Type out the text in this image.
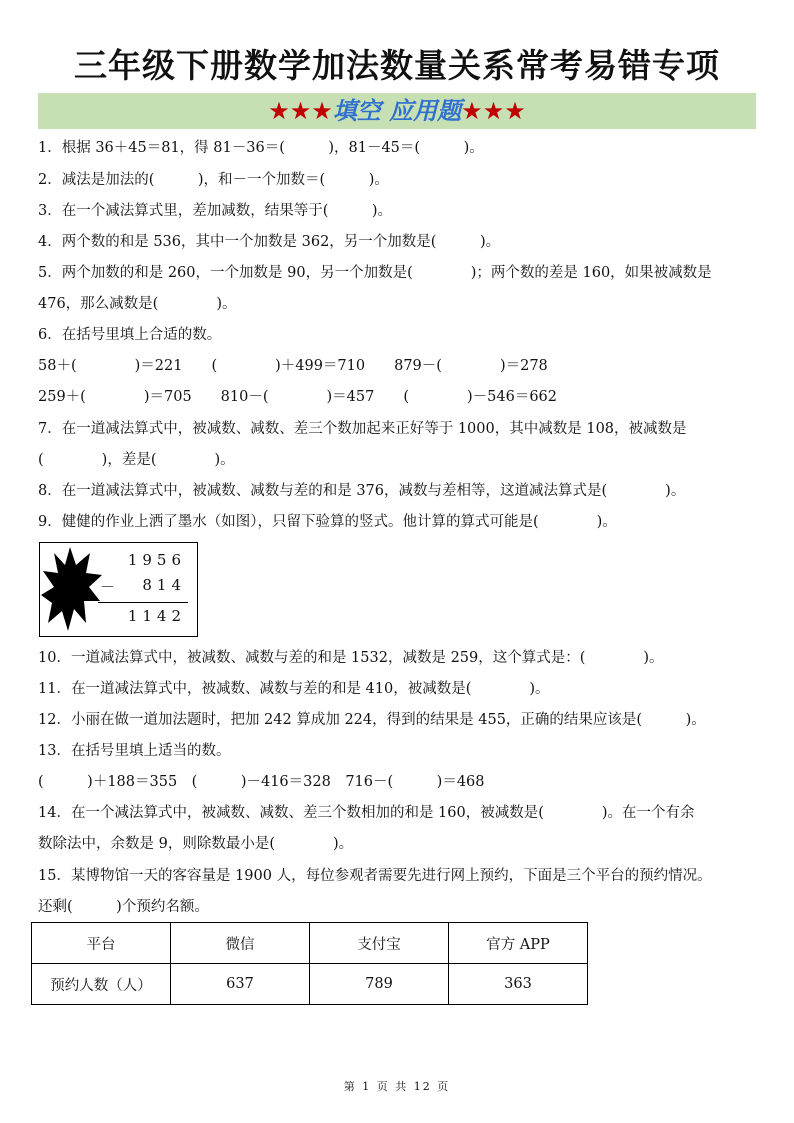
三年级下册数学加法数量关系常考易错专项
★★★填空 应用题★★★
1．根据 36＋45＝81，得 81－36＝(　　　)，81－45＝(　　　)。
2．减法是加法的(　　　)，和－一个加数＝(　　　)。
3．在一个减法算式里，差加减数，结果等于(　　　)。
4．两个数的和是 536，其中一个加数是 362，另一个加数是(　　　)。
5．两个加数的和是 260，一个加数是 90，另一个加数是(　　　　)；两个数的差是 160，如果被减数是
476，那么减数是(　　　　)。
6．在括号里填上合适的数。
58＋(　　　　)＝221　　(　　　　)＋499＝710　　879－(　　　　)＝278
259＋(　　　　)＝705　　810－(　　　　)＝457　　(　　　　)－546＝662
7．在一道减法算式中，被减数、减数、差三个数加起来正好等于 1000，其中减数是 108，被减数是
(　　　　)，差是(　　　　)。
8．在一道减法算式中，被减数、减数与差的和是 376，减数与差相等，这道减法算式是(　　　　)。
9．健健的作业上洒了墨水（如图），只留下验算的竖式。他计算的算式可能是(　　　　)。
10．一道减法算式中，被减数、减数与差的和是 1532，减数是 259，这个算式是：(　　　　)。
11．在一道减法算式中，被减数、减数与差的和是 410，被减数是(　　　　)。
12．小丽在做一道加法题时，把加 242 算成加 224，得到的结果是 455，正确的结果应该是(　　　)。
13．在括号里填上适当的数。
(　　　)＋188＝355　(　　　)－416＝328　716－(　　　)＝468
14．在一个减法算式中，被减数、减数、差三个数相加的和是 160，被减数是(　　　　)。在一个有余
数除法中，余数是 9，则除数最小是(　　　　)。
15．某博物馆一天的客容量是 1900 人，每位参观者需要先进行网上预约，下面是三个平台的预约情况。
还剩(　　　)个预约名额。
1956
－	814
1142
平台	微信	支付宝	官方 APP
预约人数（人）	637	789	363
第 1 页 共 12 页
